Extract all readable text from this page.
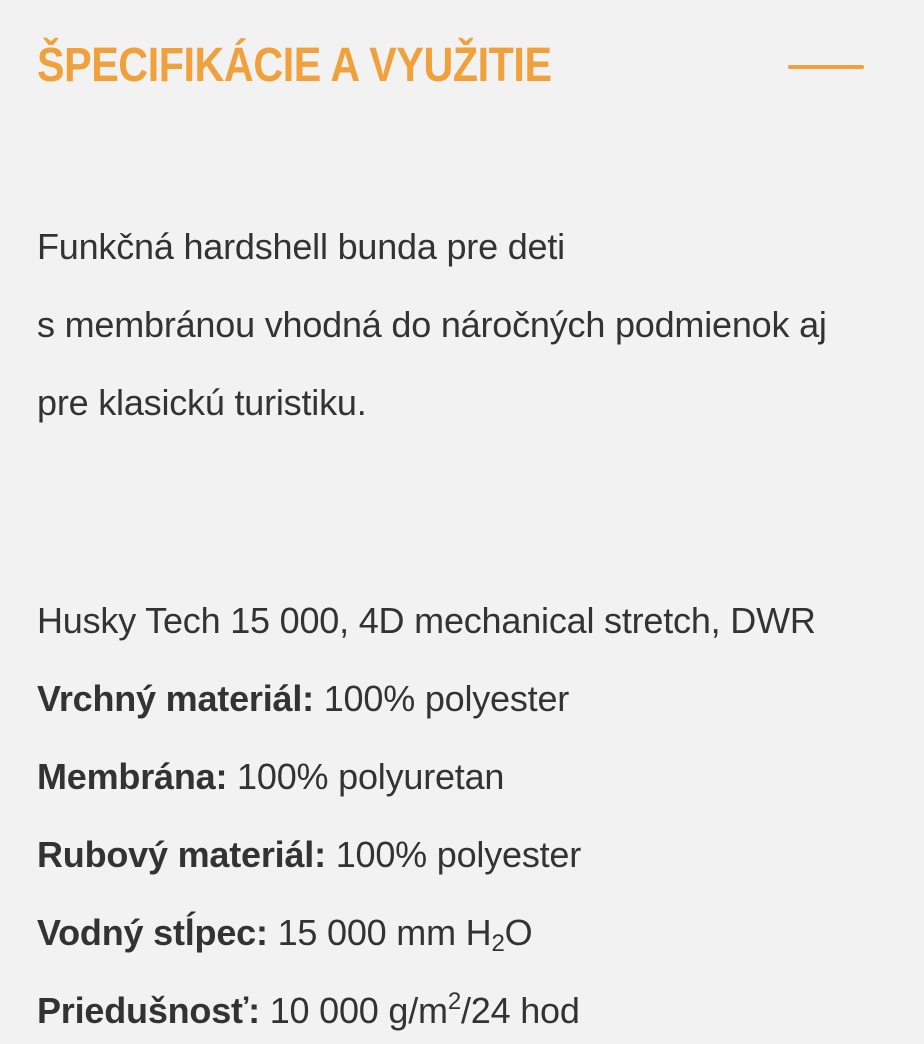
ŠPECIFIKÁCIE A VYUŽITIE
Funkčná hardshell bunda pre deti
s membránou vhodná do náročných podmienok aj
pre klasickú turistiku.
Husky Tech 15 000, 4D mechanical stretch, DWR
Vrchný materiál: 100% polyester
Membrána: 100% polyuretan
Rubový materiál: 100% polyester
Vodný stĺpec: 15 000 mm $H_2O$
Priedušnosť: 10 000 $g/m^2/24$ hod
